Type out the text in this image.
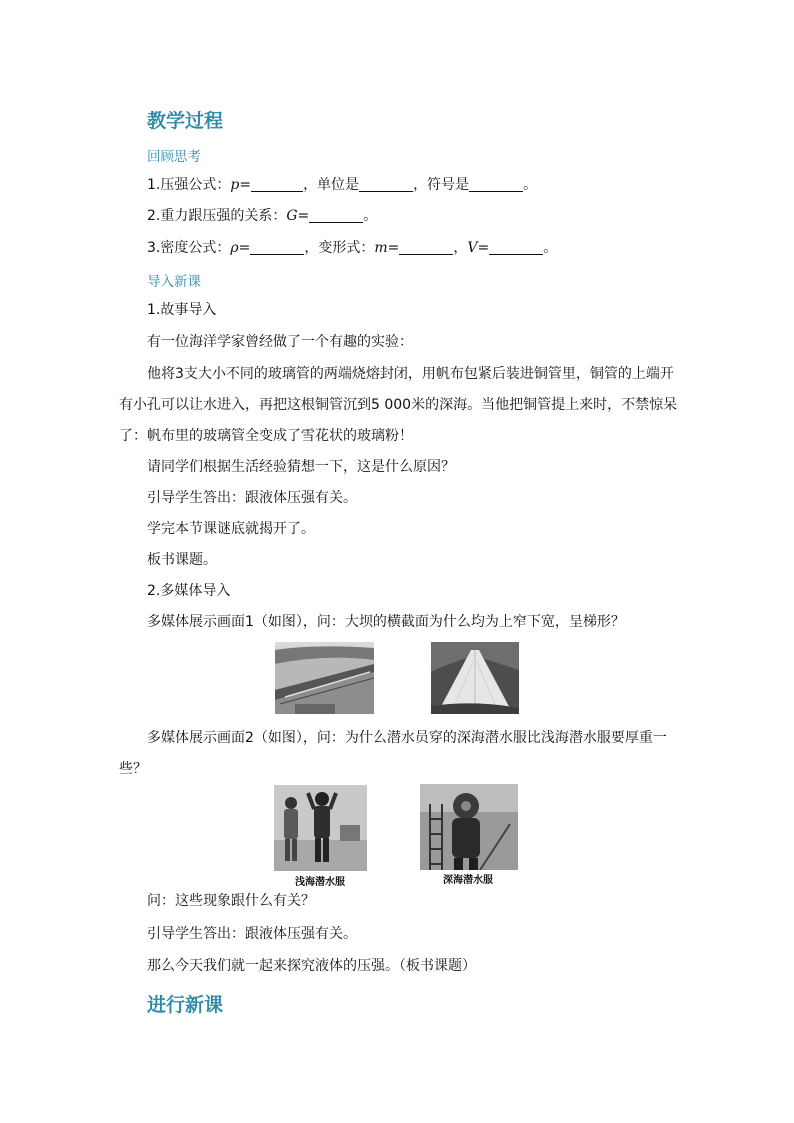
教学过程
回顾思考
1.压强公式：p=	，单位是	，符号是	。
2.重力跟压强的关系：G=	。
3.密度公式：ρ=	，变形式：m=	，V=	。
导入新课
1.故事导入
有一位海洋学家曾经做了一个有趣的实验：
他将3支大小不同的玻璃管的两端烧熔封闭，用帆布包紧后装进铜管里，铜管的上端开
有小孔可以让水进入，再把这根铜管沉到5 000米的深海。当他把铜管提上来时，不禁惊呆
了：帆布里的玻璃管全变成了雪花状的玻璃粉！
请同学们根据生活经验猜想一下，这是什么原因？
引导学生答出：跟液体压强有关。
学完本节课谜底就揭开了。
板书课题。
2.多媒体导入
多媒体展示画面1（如图），问：大坝的横截面为什么均为上窄下宽，呈梯形？
多媒体展示画面2（如图），问：为什么潜水员穿的深海潜水服比浅海潜水服要厚重一
些？
浅海潜水服	深海潜水服
问：这些现象跟什么有关？
引导学生答出：跟液体压强有关。
那么今天我们就一起来探究液体的压强。（板书课题）
进行新课
